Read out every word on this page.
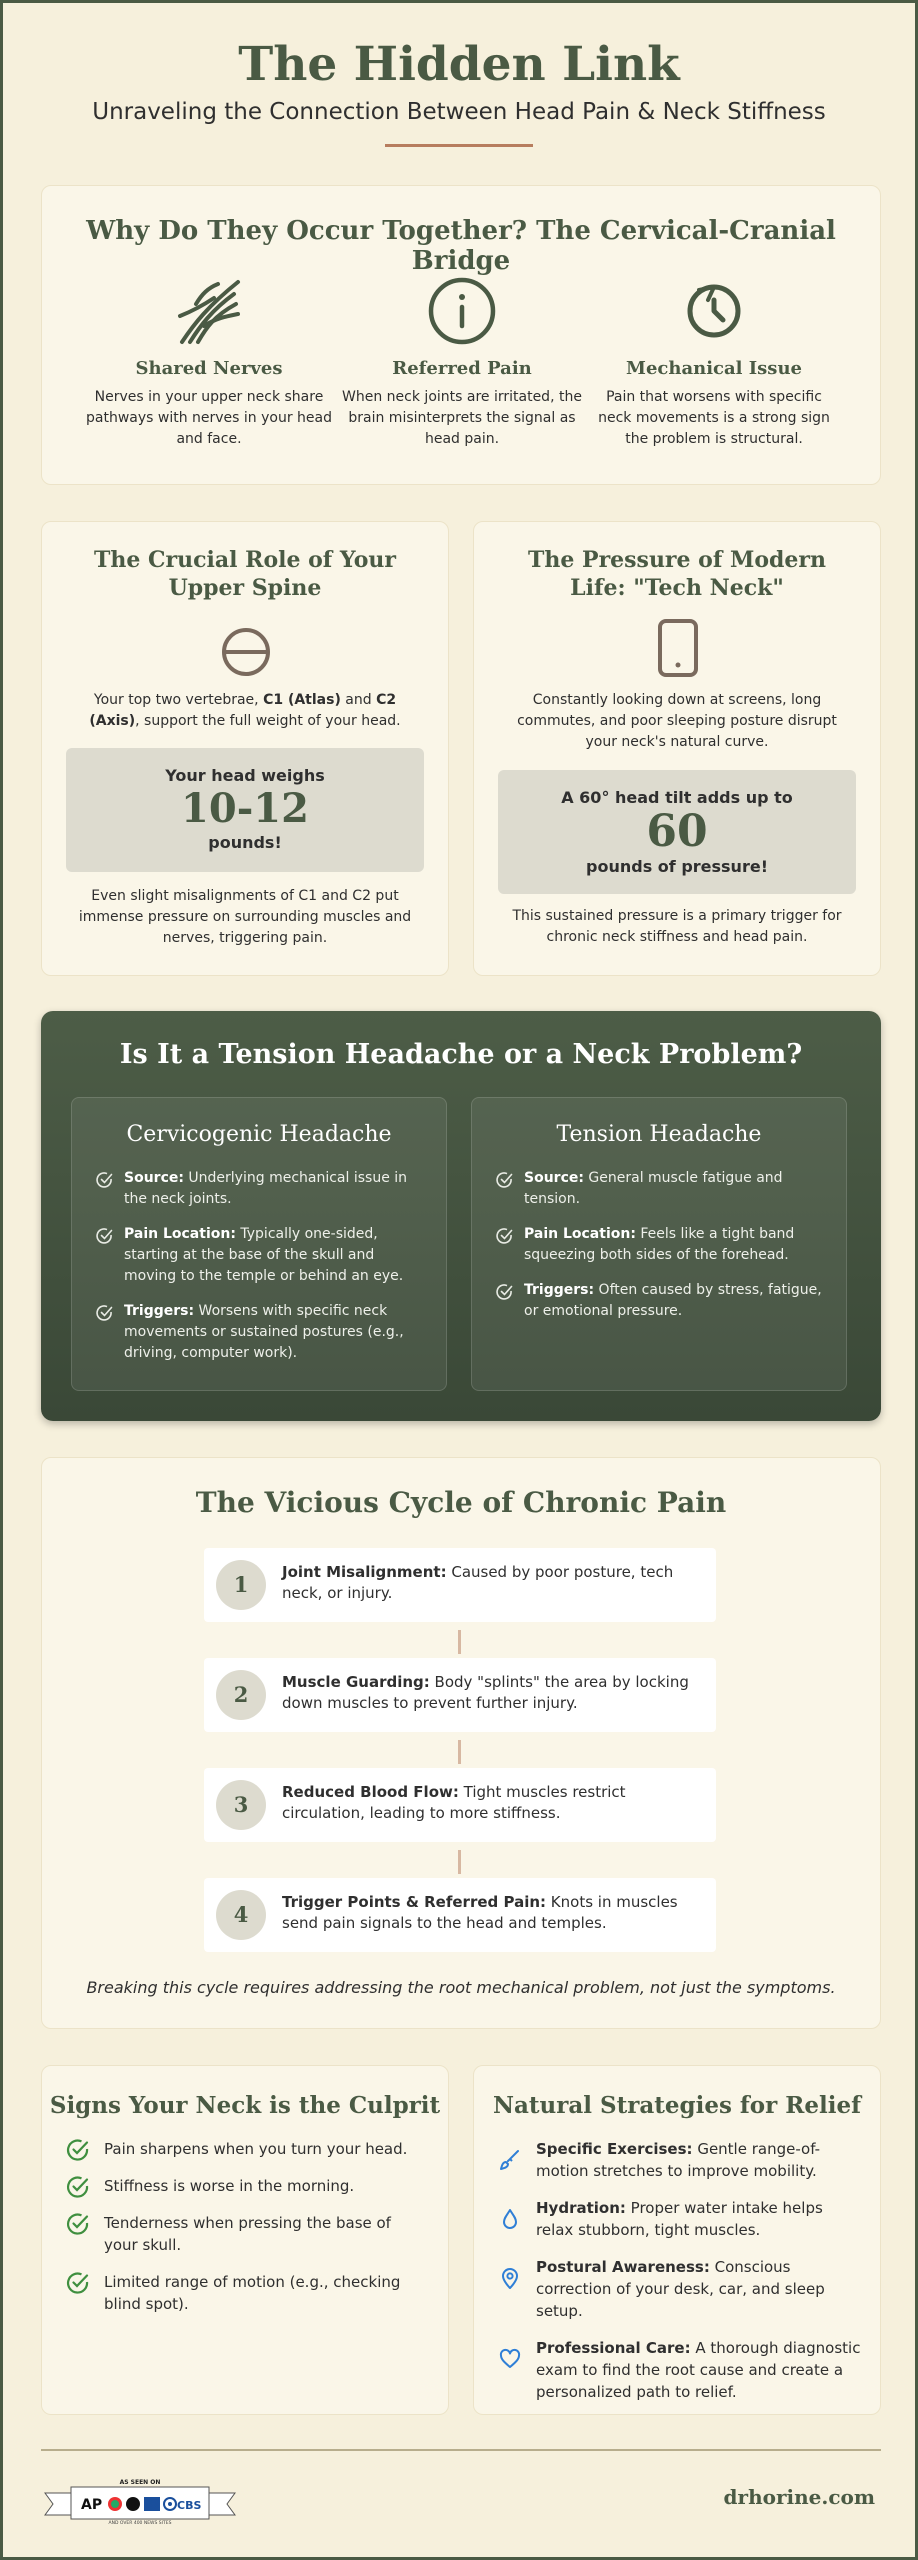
The Hidden Link
Unraveling the Connection Between Head Pain & Neck Stiffness
Why Do They Occur Together? The Cervical-Cranial Bridge
Shared Nerves

Nerves in your upper neck share pathways with nerves in your head and face.

Referred Pain

When neck joints are irritated, the brain misinterprets the signal as head pain.

Mechanical Issue

Pain that worsens with specific neck movements is a strong sign the problem is structural.

The Crucial Role of Your Upper Spine
Your top two vertebrae, C1 (Atlas) and C2 (Axis), support the full weight of your head.
Your head weighs
10-12
pounds!
Even slight misalignments of C1 and C2 put immense pressure on surrounding muscles and nerves, triggering pain.
The Pressure of Modern Life: "Tech Neck"
Constantly looking down at screens, long commutes, and poor sleeping posture disrupt your neck's natural curve.
A 60° head tilt adds up to
60
pounds of pressure!
This sustained pressure is a primary trigger for chronic neck stiffness and head pain.
Is It a Tension Headache or a Neck Problem?
Cervicogenic Headache
Source: Underlying mechanical issue in the neck joints.
Pain Location: Typically one-sided, starting at the base of the skull and moving to the temple or behind an eye.
Triggers: Worsens with specific neck movements or sustained postures (e.g., driving, computer work).
Tension Headache
Source: General muscle fatigue and tension.
Pain Location: Feels like a tight band squeezing both sides of the forehead.
Triggers: Often caused by stress, fatigue, or emotional pressure.
The Vicious Cycle of Chronic Pain
1	Joint Misalignment: Caused by poor posture, tech neck, or injury.
2	Muscle Guarding: Body "splints" the area by locking down muscles to prevent further injury.
3	Reduced Blood Flow: Tight muscles restrict circulation, leading to more stiffness.
4	Trigger Points & Referred Pain: Knots in muscles send pain signals to the head and temples.
Breaking this cycle requires addressing the root mechanical problem, not just the symptoms.
Signs Your Neck is the Culprit
Pain sharpens when you turn your head.
Stiffness is worse in the morning.
Tenderness when pressing the base of your skull.
Limited range of motion (e.g., checking blind spot).
Natural Strategies for Relief
Specific Exercises: Gentle range-of-motion stretches to improve mobility.
Hydration: Proper water intake helps relax stubborn, tight muscles.
Postural Awareness: Conscious correction of your desk, car, and sleep setup.
Professional Care: A thorough diagnostic exam to find the root cause and create a personalized path to relief.
AS SEEN ON
AP	CBS
AND OVER 400 NEWS SITES
drhorine.com
